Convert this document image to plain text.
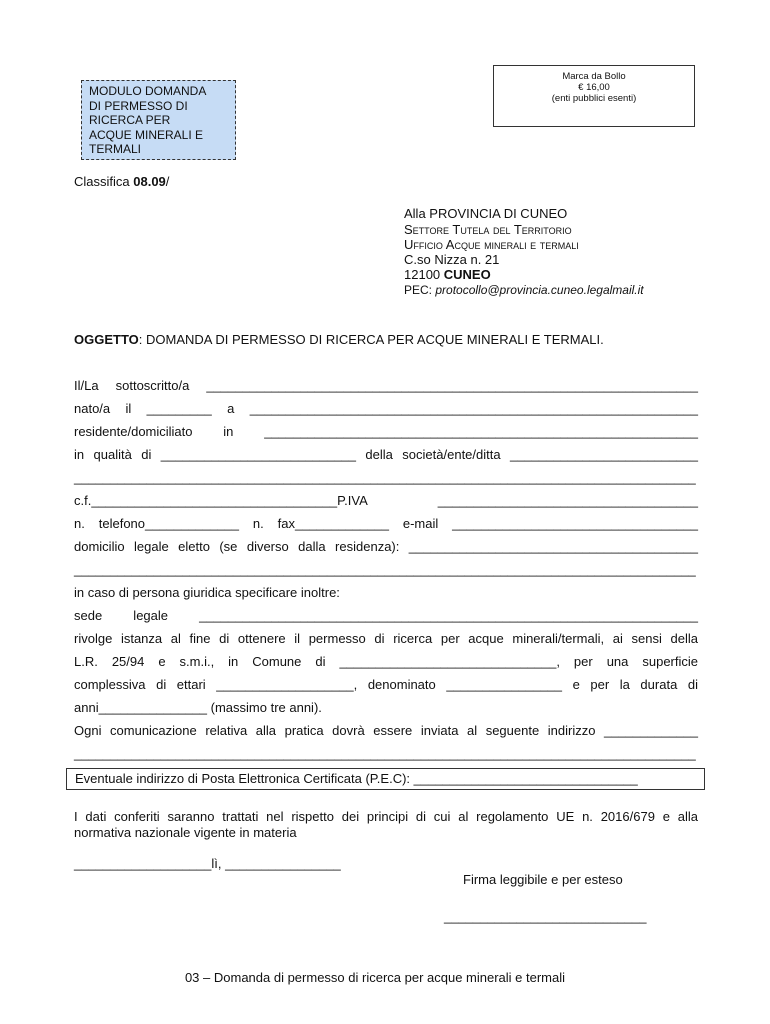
MODULO DOMANDA
DI PERMESSO DI
RICERCA PER
ACQUE MINERALI E
TERMALI
Marca da Bollo
€ 16,00
(enti pubblici esenti)
Classifica 08.09/
Alla PROVINCIA DI CUNEO
Settore Tutela del Territorio
Ufficio Acque minerali e termali
C.so Nizza n. 21
12100 CUNEO
PEC: protocollo@provincia.cuneo.legalmail.it
OGGETTO: DOMANDA DI PERMESSO DI RICERCA PER ACQUE MINERALI E TERMALI.
Il/La sottoscritto/a ____________________________________________________________________
nato/a il _________ a ______________________________________________________________
residente/domiciliato in ____________________________________________________________
in qualità di ___________________________ della società/ente/ditta __________________________
______________________________________________________________________________________
c.f.__________________________________P.IVA ____________________________________
n. telefono_____________ n. fax_____________ e-mail __________________________________
domicilio legale eletto (se diverso dalla residenza): ________________________________________
______________________________________________________________________________________
in caso di persona giuridica specificare inoltre:
sede legale _____________________________________________________________________
rivolge istanza al fine di ottenere il permesso di ricerca per acque minerali/termali, ai sensi della
L.R. 25/94 e s.m.i., in Comune di ______________________________, per una superficie
complessiva di ettari ___________________, denominato ________________ e per la durata di
anni_______________ (massimo tre anni).
Ogni comunicazione relativa alla pratica dovrà essere inviata al seguente indirizzo _____________
______________________________________________________________________________________
Eventuale indirizzo di Posta Elettronica Certificata (P.E.C): _______________________________
I dati conferiti saranno trattati nel rispetto dei principi di cui al regolamento UE n. 2016/679 e alla
normativa nazionale vigente in materia
___________________lì, ________________
Firma leggibile e per esteso
____________________________
03 – Domanda di permesso di ricerca per acque minerali e termali
